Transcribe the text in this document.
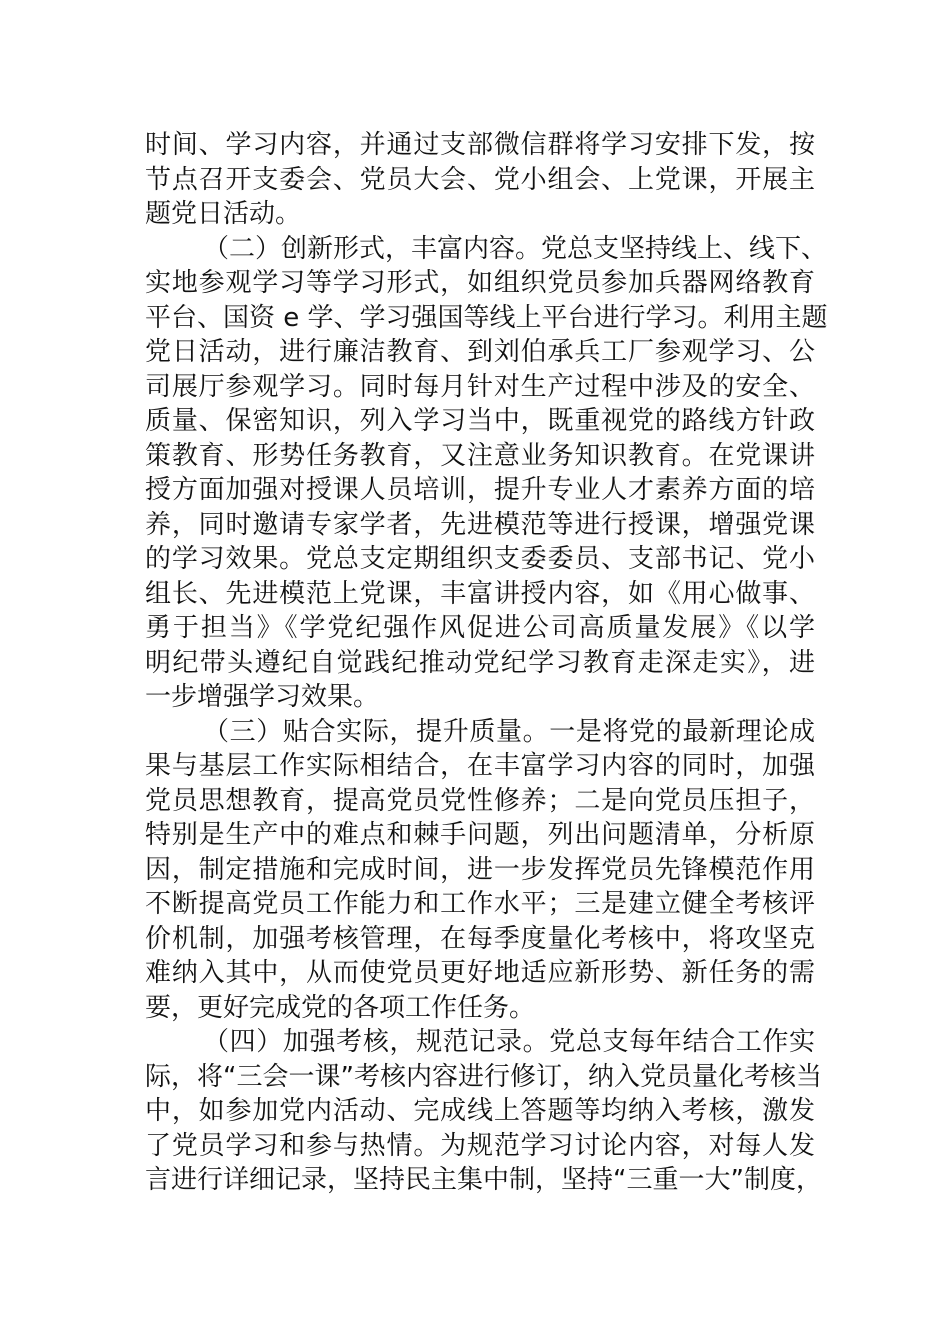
时间、学习内容，并通过支部微信群将学习安排下发，按
节点召开支委会、党员大会、党小组会、上党课，开展主
题党日活动。
（二）创新形式，丰富内容。党总支坚持线上、线下、
实地参观学习等学习形式，如组织党员参加兵器网络教育
平台、国资 e 学、学习强国等线上平台进行学习。利用主题
党日活动，进行廉洁教育、到刘伯承兵工厂参观学习、公
司展厅参观学习。同时每月针对生产过程中涉及的安全、
质量、保密知识，列入学习当中，既重视党的路线方针政
策教育、形势任务教育，又注意业务知识教育。在党课讲
授方面加强对授课人员培训，提升专业人才素养方面的培
养，同时邀请专家学者，先进模范等进行授课，增强党课
的学习效果。党总支定期组织支委委员、支部书记、党小
组长、先进模范上党课，丰富讲授内容，如《用心做事、
勇于担当》《学党纪强作风促进公司高质量发展》《以学
明纪带头遵纪自觉践纪推动党纪学习教育走深走实》，进
一步增强学习效果。
（三）贴合实际，提升质量。一是将党的最新理论成
果与基层工作实际相结合，在丰富学习内容的同时，加强
党员思想教育，提高党员党性修养；二是向党员压担子，
特别是生产中的难点和棘手问题，列出问题清单，分析原
因，制定措施和完成时间，进一步发挥党员先锋模范作用
不断提高党员工作能力和工作水平；三是建立健全考核评
价机制，加强考核管理，在每季度量化考核中，将攻坚克
难纳入其中，从而使党员更好地适应新形势、新任务的需
要，更好完成党的各项工作任务。
（四）加强考核，规范记录。党总支每年结合工作实
际，将“三会一课”考核内容进行修订，纳入党员量化考核当
中，如参加党内活动、完成线上答题等均纳入考核，激发
了党员学习和参与热情。为规范学习讨论内容，对每人发
言进行详细记录，坚持民主集中制，坚持“三重一大”制度，
